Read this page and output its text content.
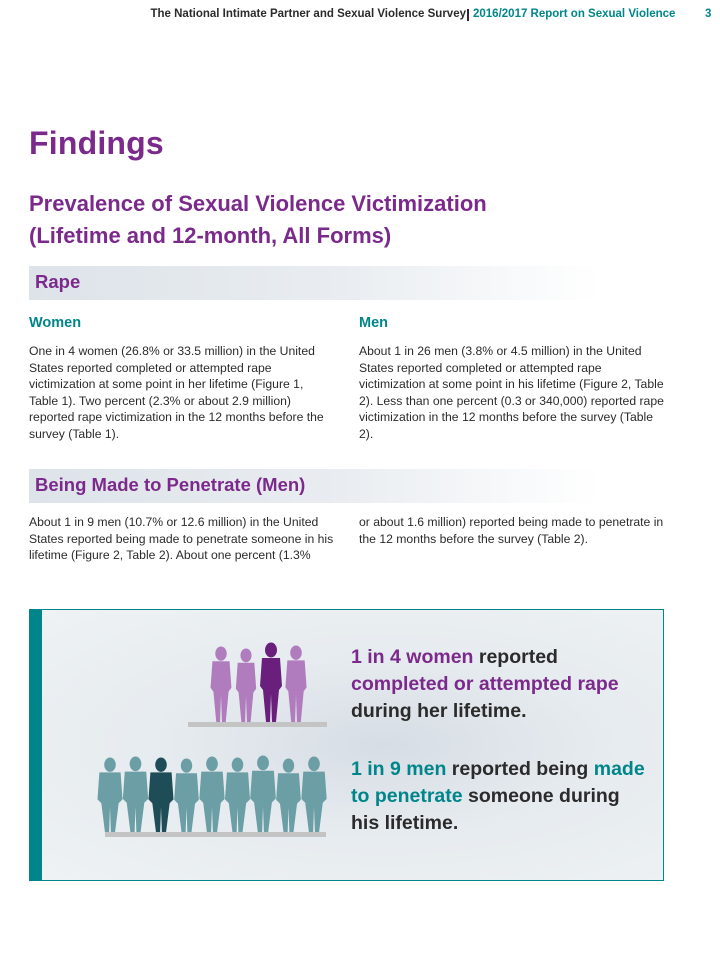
The National Intimate Partner and Sexual Violence Survey 2016/2017 Report on Sexual Violence	3
Findings
Prevalence of Sexual Violence Victimization
(Lifetime and 12-month, All Forms)
Rape
Women	Men

One in 4 women (26.8% or 33.5 million) in the United States reported completed or attempted rape victimization at some point in her lifetime (Figure 1, Table 1). Two percent (2.3% or about 2.9 million) reported rape victimization in the 12 months before the survey (Table 1).

About 1 in 26 men (3.8% or 4.5 million) in the United States reported completed or attempted rape victimization at some point in his lifetime (Figure 2, Table 2). Less than one percent (0.3 or 340,000) reported rape victimization in the 12 months before the survey (Table 2).

Being Made to Penetrate (Men)

About 1 in 9 men (10.7% or 12.6 million) in the United States reported being made to penetrate someone in his lifetime (Figure 2, Table 2). About one percent (1.3%

or about 1.6 million) reported being made to penetrate in the 12 months before the survey (Table 2).

1 in 4 women reported completed or attempted rape during her lifetime.
1 in 9 men reported being made to penetrate someone during his lifetime.
